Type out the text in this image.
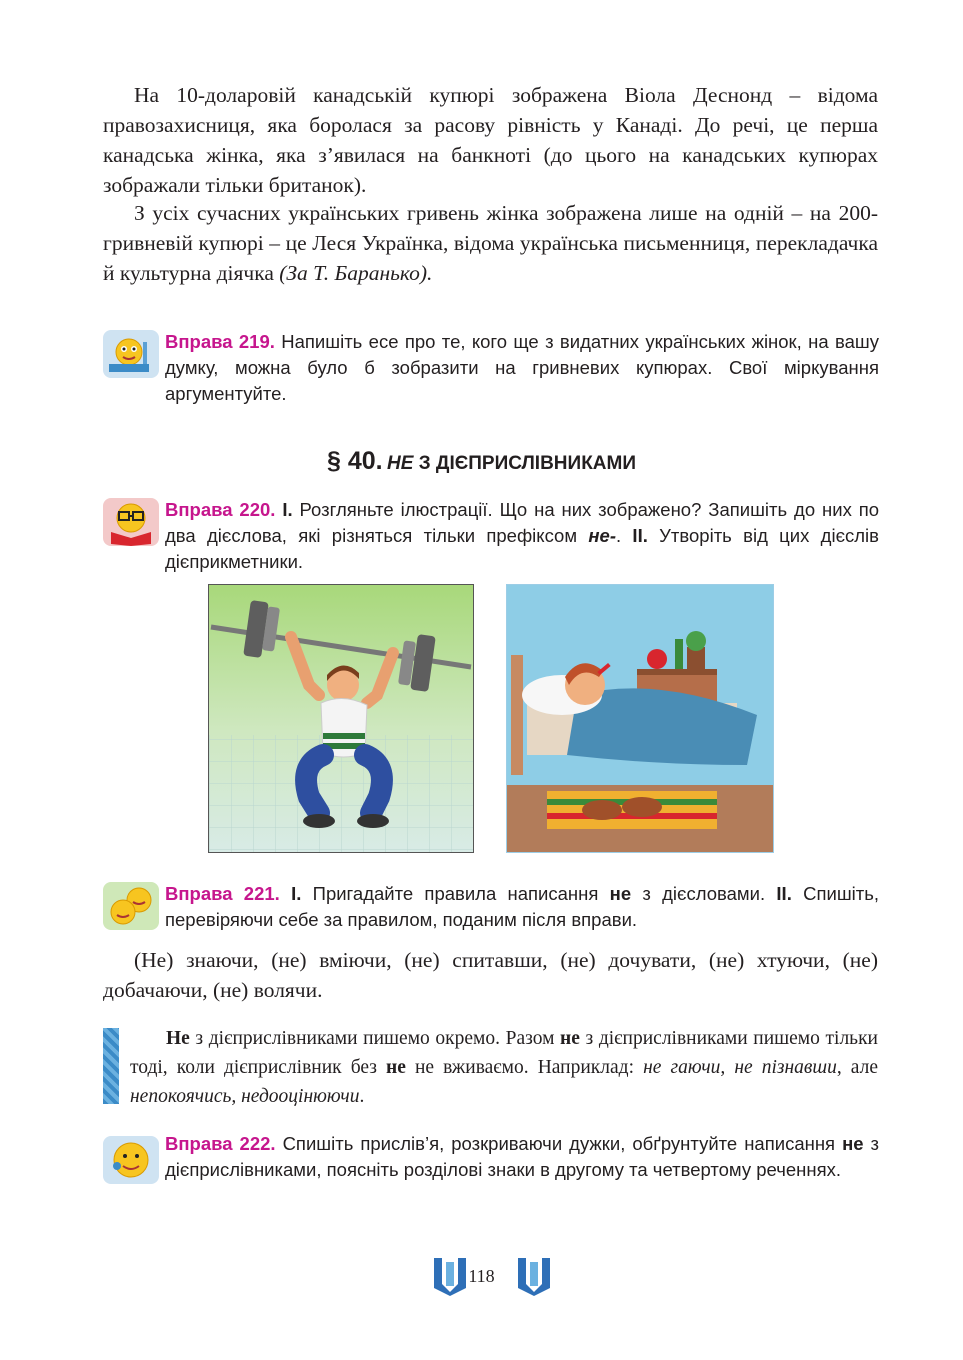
На 10-доларовій канадській купюрі зображена Віола Деснонд – відома правозахисниця, яка боролася за расову рівність у Канаді. До речі, це перша канадська жінка, яка з’явилася на банкноті (до цього на канадських купюрах зображали тільки британок).
З усіх сучасних українських гривень жінка зображена лише на одній – на 200-гривневій купюрі – це Леся Українка, відома українська письменниця, перекладачка й культурна діячка (За Т. Баранько).
Вправа 219. Напишіть есе про те, кого ще з видатних українських жінок, на вашу думку, можна було б зобразити на гривневих купюрах. Свої міркування аргументуйте.
§ 40. НЕ З ДІЄПРИСЛІВНИКАМИ
Вправа 220. І. Розгляньте ілюстрації. Що на них зображено? Запишіть до них по два дієслова, які різняться тільки префіксом не-. ІІ. Утворіть від цих дієслів дієприкметники.
Вправа 221. І. Пригадайте правила написання не з дієсловами. ІІ. Спишіть, перевіряючи себе за правилом, поданим після вправи.
(Не) знаючи, (не) вміючи, (не) спитавши, (не) дочувати, (не) хтуючи, (не) добачаючи, (не) волячи.
Не з дієприслівниками пишемо окремо. Разом не з дієприслівниками пишемо тільки тоді, коли дієприслівник без не не вживаємо. Наприклад: не гаючи, не пізнавши, але непокоячись, недооцінюючи.
Вправа 222. Спишіть прислів’я, розкриваючи дужки, обґрунтуйте написання не з дієприслівниками, поясніть розділові знаки в другому та четвертому реченнях.
118
